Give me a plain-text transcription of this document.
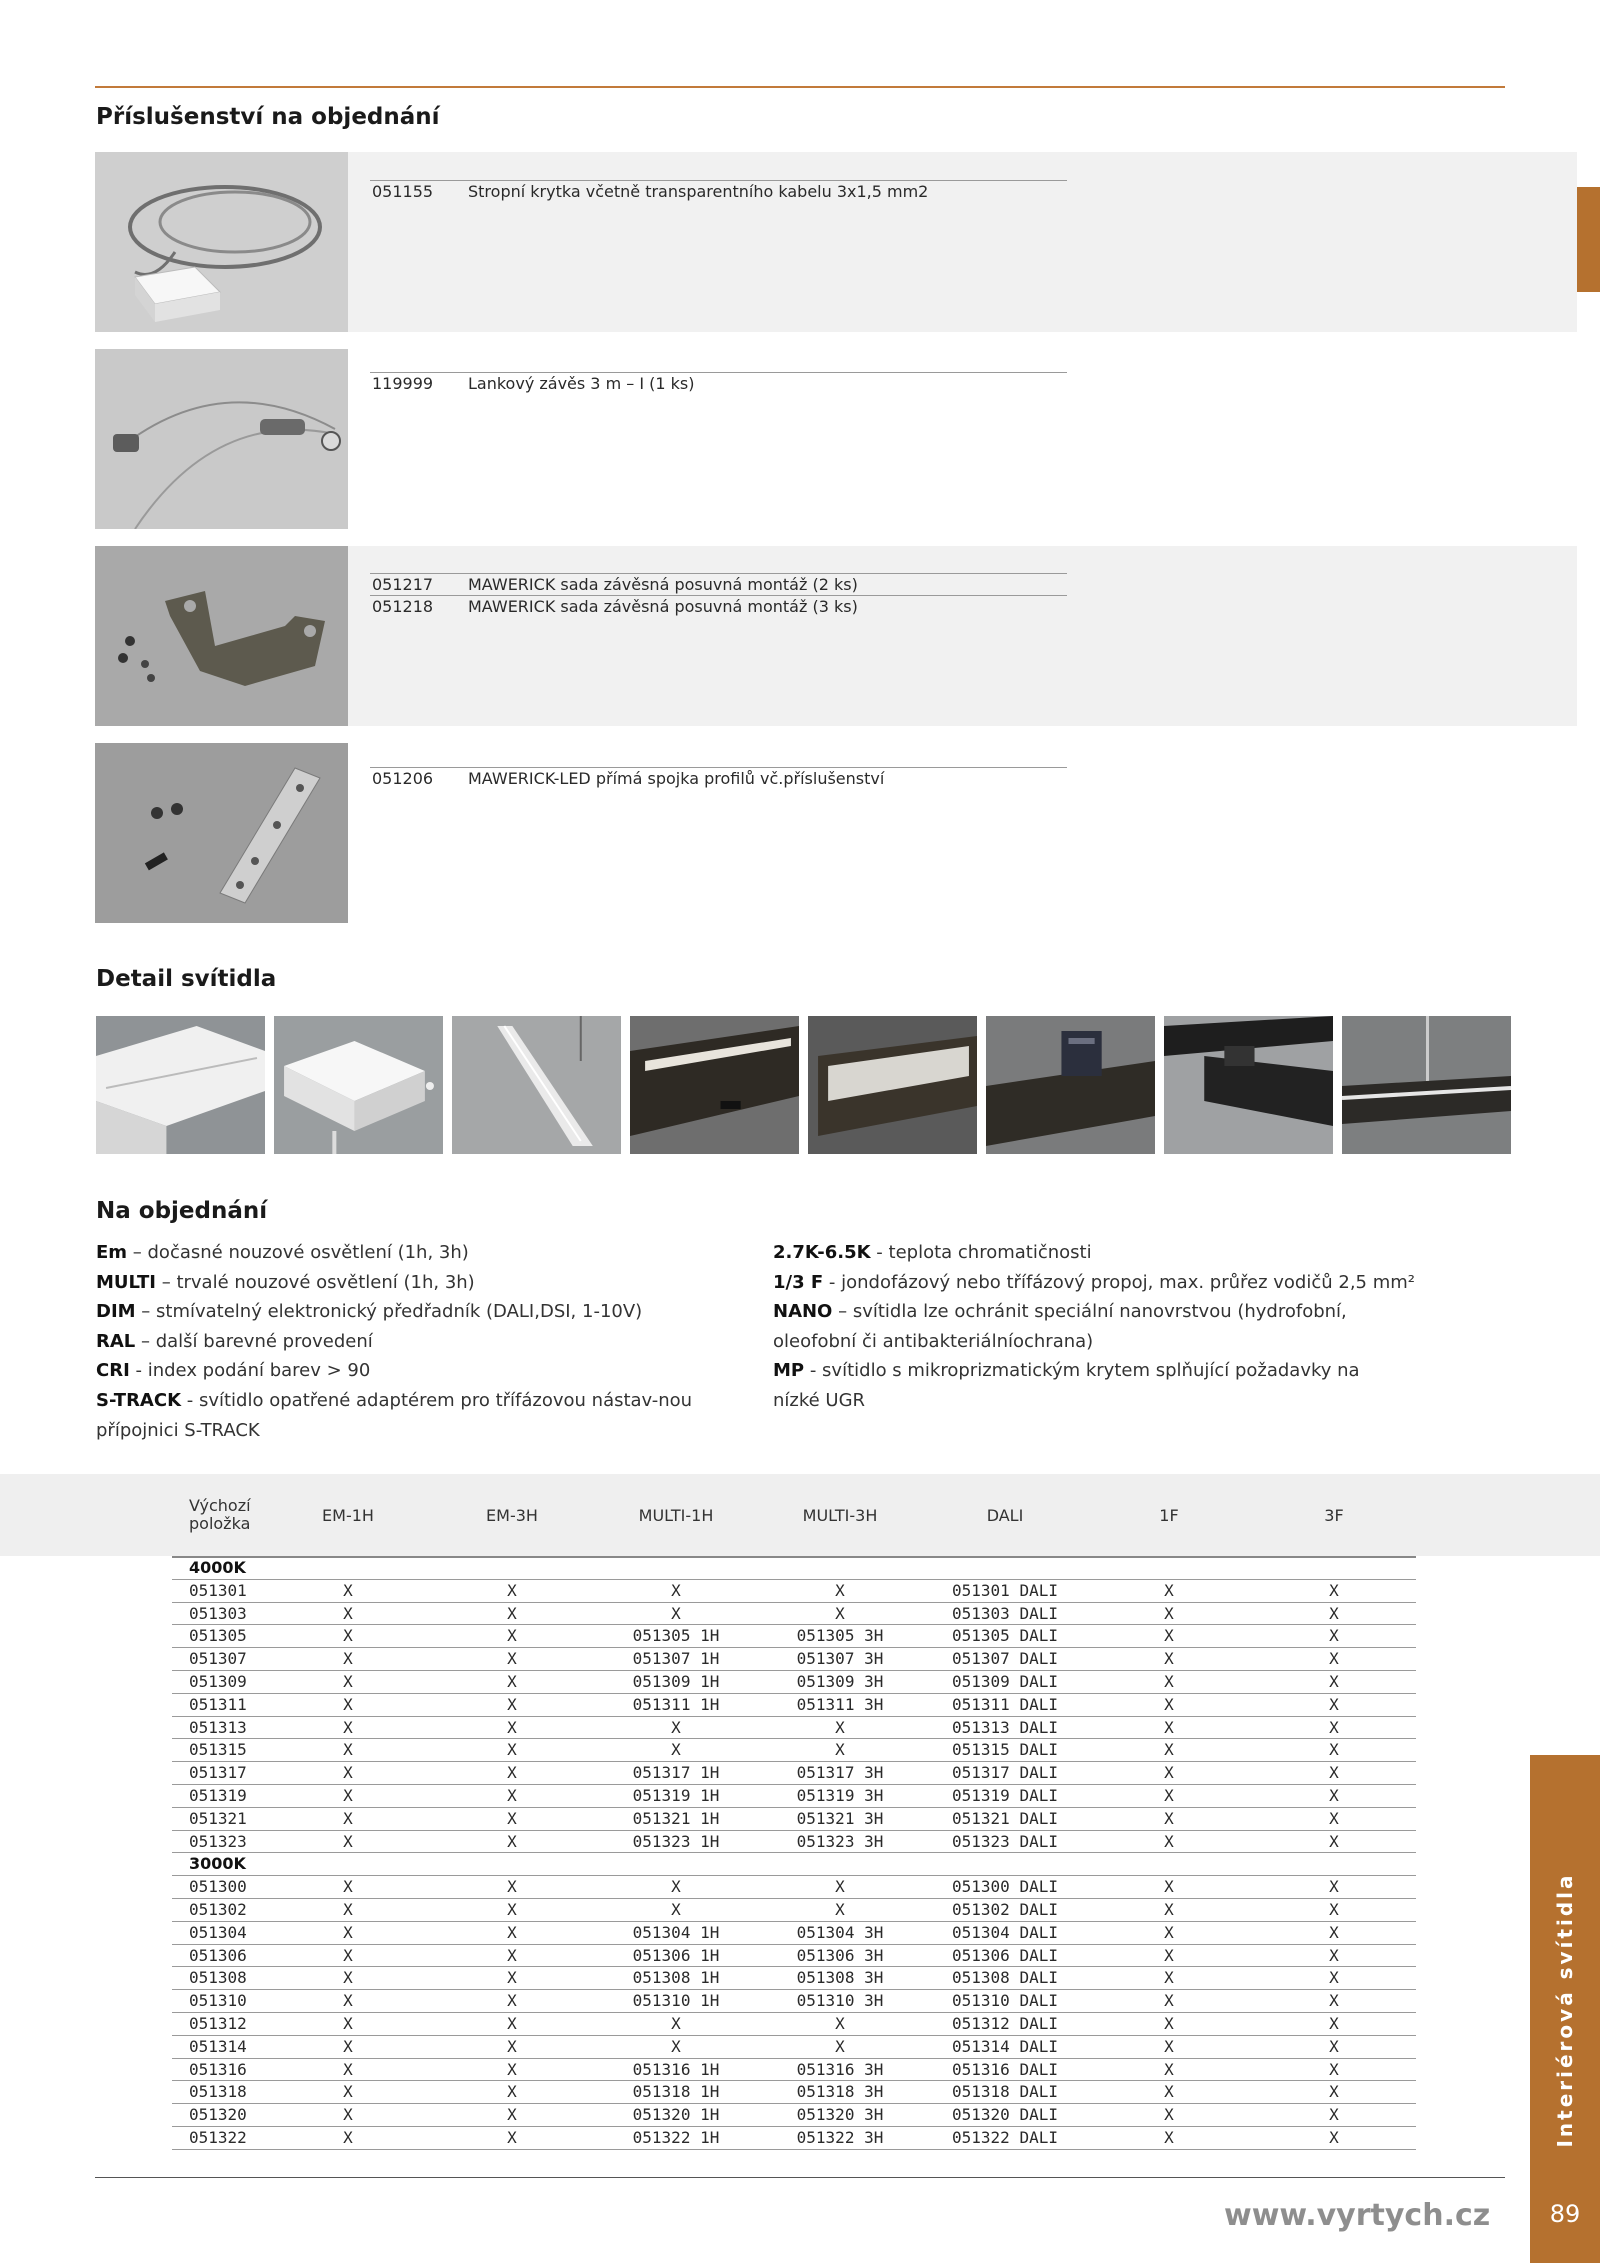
Příslušenství na objednání
051155	Stropní krytka včetně transparentního kabelu 3x1,5 mm2
119999	Lankový závěs 3 m – I (1 ks)
051217	MAWERICK sada závěsná posuvná montáž (2 ks)
051218	MAWERICK sada závěsná posuvná montáž (3 ks)
051206	MAWERICK-LED přímá spojka profilů vč.příslušenství
Detail svítidla
Na objednání
Em – dočasné nouzové osvětlení (1h, 3h)
MULTI – trvalé nouzové osvětlení (1h, 3h)
DIM – stmívatelný elektronický předřadník (DALI,DSI, 1-10V)
RAL – další barevné provedení
CRI - index podání barev > 90
S-TRACK - svítidlo opatřené adaptérem pro třífázovou nástav-nou přípojnici S-TRACK
2.7K-6.5K - teplota chromatičnosti
1/3 F - jondofázový nebo třífázový propoj, max. průřez vodičů 2,5 mm²
NANO – svítidla lze ochránit speciální nanovrstvou (hydrofobní, oleofobní či antibakteriálníochrana)
MP - svítidlo s mikroprizmatickým krytem splňující požadavky na nízké UGR
Výchozí položka	EM-1H	EM-3H	MULTI-1H	MULTI-3H	DALI	1F	3F
4000K
051301	X	X	X	X	051301 DALI	X	X
051303	X	X	X	X	051303 DALI	X	X
051305	X	X	051305 1H	051305 3H	051305 DALI	X	X
051307	X	X	051307 1H	051307 3H	051307 DALI	X	X
051309	X	X	051309 1H	051309 3H	051309 DALI	X	X
051311	X	X	051311 1H	051311 3H	051311 DALI	X	X
051313	X	X	X	X	051313 DALI	X	X
051315	X	X	X	X	051315 DALI	X	X
051317	X	X	051317 1H	051317 3H	051317 DALI	X	X
051319	X	X	051319 1H	051319 3H	051319 DALI	X	X
051321	X	X	051321 1H	051321 3H	051321 DALI	X	X
051323	X	X	051323 1H	051323 3H	051323 DALI	X	X
3000K
051300	X	X	X	X	051300 DALI	X	X
051302	X	X	X	X	051302 DALI	X	X
051304	X	X	051304 1H	051304 3H	051304 DALI	X	X
051306	X	X	051306 1H	051306 3H	051306 DALI	X	X
051308	X	X	051308 1H	051308 3H	051308 DALI	X	X
051310	X	X	051310 1H	051310 3H	051310 DALI	X	X
051312	X	X	X	X	051312 DALI	X	X
051314	X	X	X	X	051314 DALI	X	X
051316	X	X	051316 1H	051316 3H	051316 DALI	X	X
051318	X	X	051318 1H	051318 3H	051318 DALI	X	X
051320	X	X	051320 1H	051320 3H	051320 DALI	X	X
051322	X	X	051322 1H	051322 3H	051322 DALI	X	X	Interiérová svítidla
www.vyrtych.cz	89
